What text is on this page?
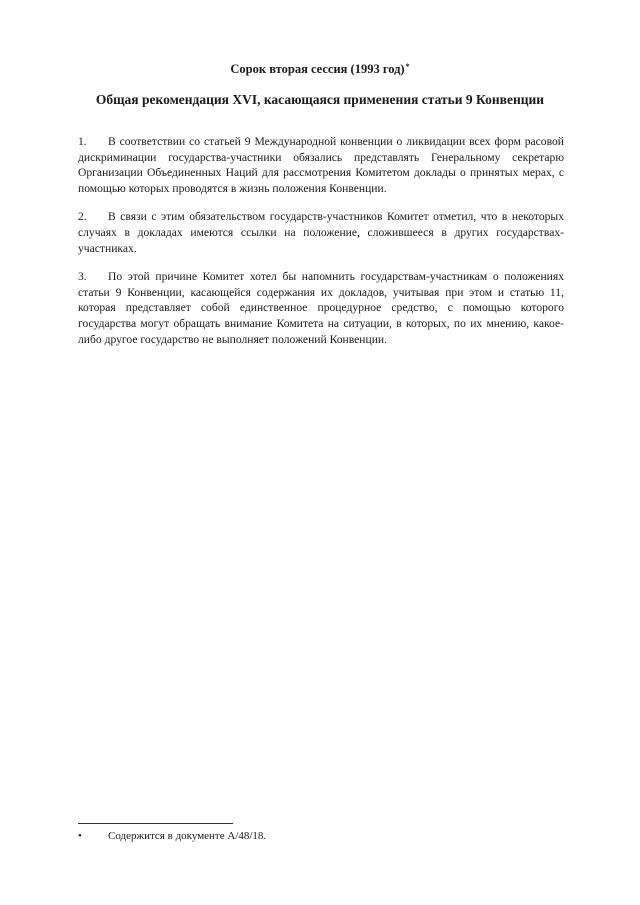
Сорок вторая сессия (1993 год)*
Общая рекомендация XVI, касающаяся применения статьи 9 Конвенции

1. В соответствии со статьей 9 Международной конвенции о ликвидации всех форм расовой дискриминации государства-участники обязались представлять Генеральному секретарю Организации Объединенных Наций для рассмотрения Комитетом доклады о принятых мерах, с помощью которых проводятся в жизнь положения Конвенции.

2. В связи с этим обязательством государств-участников Комитет отметил, что в некоторых случаях в докладах имеются ссылки на положение, сложившееся в других государствах-участниках.

3. По этой причине Комитет хотел бы напомнить государствам-участникам о положениях статьи 9 Конвенции, касающейся содержания их докладов, учитывая при этом и статью 11, которая представляет собой единственное процедурное средство, с помощью которого государства могут обращать внимание Комитета на ситуации, в которых, по их мнению, какое-либо другое государство не выполняет положений Конвенции.

• Содержится в документе A/48/18.
